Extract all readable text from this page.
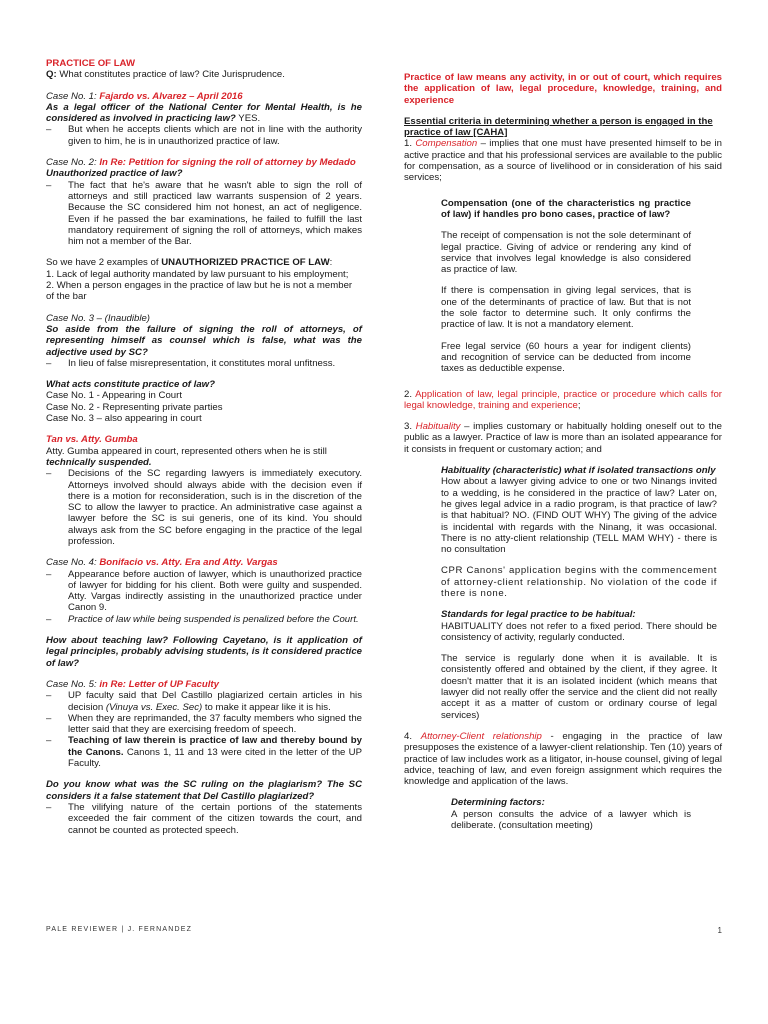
PRACTICE OF LAW

Q: What constitutes practice of law? Cite Jurisprudence.

Case No. 1: Fajardo vs. Alvarez – April 2016

As a legal officer of the National Center for Mental Health, is he considered as involved in practicing law? YES.

–	But when he accepts clients which are not in line with the authority given to him, he is in unauthorized practice of law.

Case No. 2: In Re: Petition for signing the roll of attorney by Medado

Unauthorized practice of law?

–	The fact that he's aware that he wasn't able to sign the roll of attorneys and still practiced law warrants suspension of 2 years. Because the SC considered him not honest, an act of negligence. Even if he passed the bar examinations, he failed to fulfill the last mandatory requirement of signing the roll of attorneys, which makes him not a member of the Bar.

So we have 2 examples of UNAUTHORIZED PRACTICE OF LAW:

1. Lack of legal authority mandated by law pursuant to his employment;

2. When a person engages in the practice of law but he is not a member of the bar

Case No. 3 – (Inaudible)

So aside from the failure of signing the roll of attorneys, of representing himself as counsel which is false, what was the adjective used by SC?

–	In lieu of false misrepresentation, it constitutes moral unfitness.

What acts constitute practice of law?

Case No. 1 - Appearing in Court

Case No. 2 - Representing private parties

Case No. 3 – also appearing in court

Tan vs. Atty. Gumba

Atty. Gumba appeared in court, represented others when he is still technically suspended.

–	Decisions of the SC regarding lawyers is immediately executory. Attorneys involved should always abide with the decision even if there is a motion for reconsideration, such is in the discretion of the SC to allow the lawyer to practice. An administrative case against a lawyer before the SC is sui generis, one of its kind. You should always ask from the SC before engaging in the practice of the legal profession.

Case No. 4: Bonifacio vs. Atty. Era and Atty. Vargas

–	Appearance before auction of lawyer, which is unauthorized practice of lawyer for bidding for his client. Both were guilty and suspended. Atty. Vargas indirectly assisting in the unauthorized practice under Canon 9.
–	Practice of law while being suspended is penalized before the Court.

How about teaching law? Following Cayetano, is it application of legal principles, probably advising students, is it considered practice of law?

Case No. 5: in Re: Letter of UP Faculty

–	UP faculty said that Del Castillo plagiarized certain articles in his decision (Vinuya vs. Exec. Sec) to make it appear like it is his.
–	When they are reprimanded, the 37 faculty members who signed the letter said that they are exercising freedom of speech.
–	Teaching of law therein is practice of law and thereby bound by the Canons. Canons 1, 11 and 13 were cited in the letter of the UP Faculty.

Do you know what was the SC ruling on the plagiarism? The SC considers it a false statement that Del Castillo plagiarized?

–	The vilifying nature of the certain portions of the statements exceeded the fair comment of the citizen towards the court, and cannot be counted as protected speech.

Practice of law means any activity, in or out of court, which requires the application of law, legal procedure, knowledge, training, and experience

Essential criteria in determining whether a person is engaged in the practice of law [CAHA]

1. Compensation – implies that one must have presented himself to be in active practice and that his professional services are available to the public for compensation, as a source of livelihood or in consideration of his said services;

Compensation (one of the characteristics ng practice of law) if handles pro bono cases, practice of law?

The receipt of compensation is not the sole determinant of legal practice. Giving of advice or rendering any kind of service that involves legal knowledge is also considered as practice of law.

If there is compensation in giving legal services, that is one of the determinants of practice of law. But that is not the sole factor to determine such. It only confirms the practice of law. It is not a mandatory element.

Free legal service (60 hours a year for indigent clients) and recognition of service can be deducted from income taxes as deductible expense.

2. Application of law, legal principle, practice or procedure which calls for legal knowledge, training and experience;

3. Habituality – implies customary or habitually holding oneself out to the public as a lawyer. Practice of law is more than an isolated appearance for it consists in frequent or customary action; and

Habituality (characteristic) what if isolated transactions only

How about a lawyer giving advice to one or two Ninangs invited to a wedding, is he considered in the practice of law? Later on, he gives legal advice in a radio program, is that practice of law? is that habitual? NO. (FIND OUT WHY) The giving of the advice is incidental with regards with the Ninang, it was occasional. There is no atty-client relationship (TELL MAM WHY) - there is no consultation

CPR Canons' application begins with the commencement of attorney-client relationship. No violation of the code if there is none.

Standards for legal practice to be habitual:

HABITUALITY does not refer to a fixed period. There should be consistency of activity, regularly conducted.

The service is regularly done when it is available. It is consistently offered and obtained by the client, if they agree. It doesn't matter that it is an isolated incident (which means that lawyer did not really offer the service and the client did not really accept it as a matter of custom or ordinary course of legal services)

4. Attorney-Client relationship - engaging in the practice of law presupposes the existence of a lawyer-client relationship. Ten (10) years of practice of law includes work as a litigator, in-house counsel, giving of legal advice, teaching of law, and even foreign assignment which requires the knowledge and application of the laws.

Determining factors:

A person consults the advice of a lawyer which is deliberate. (consultation meeting)

PALE REVIEWER | J. FERNANDEZ	1
